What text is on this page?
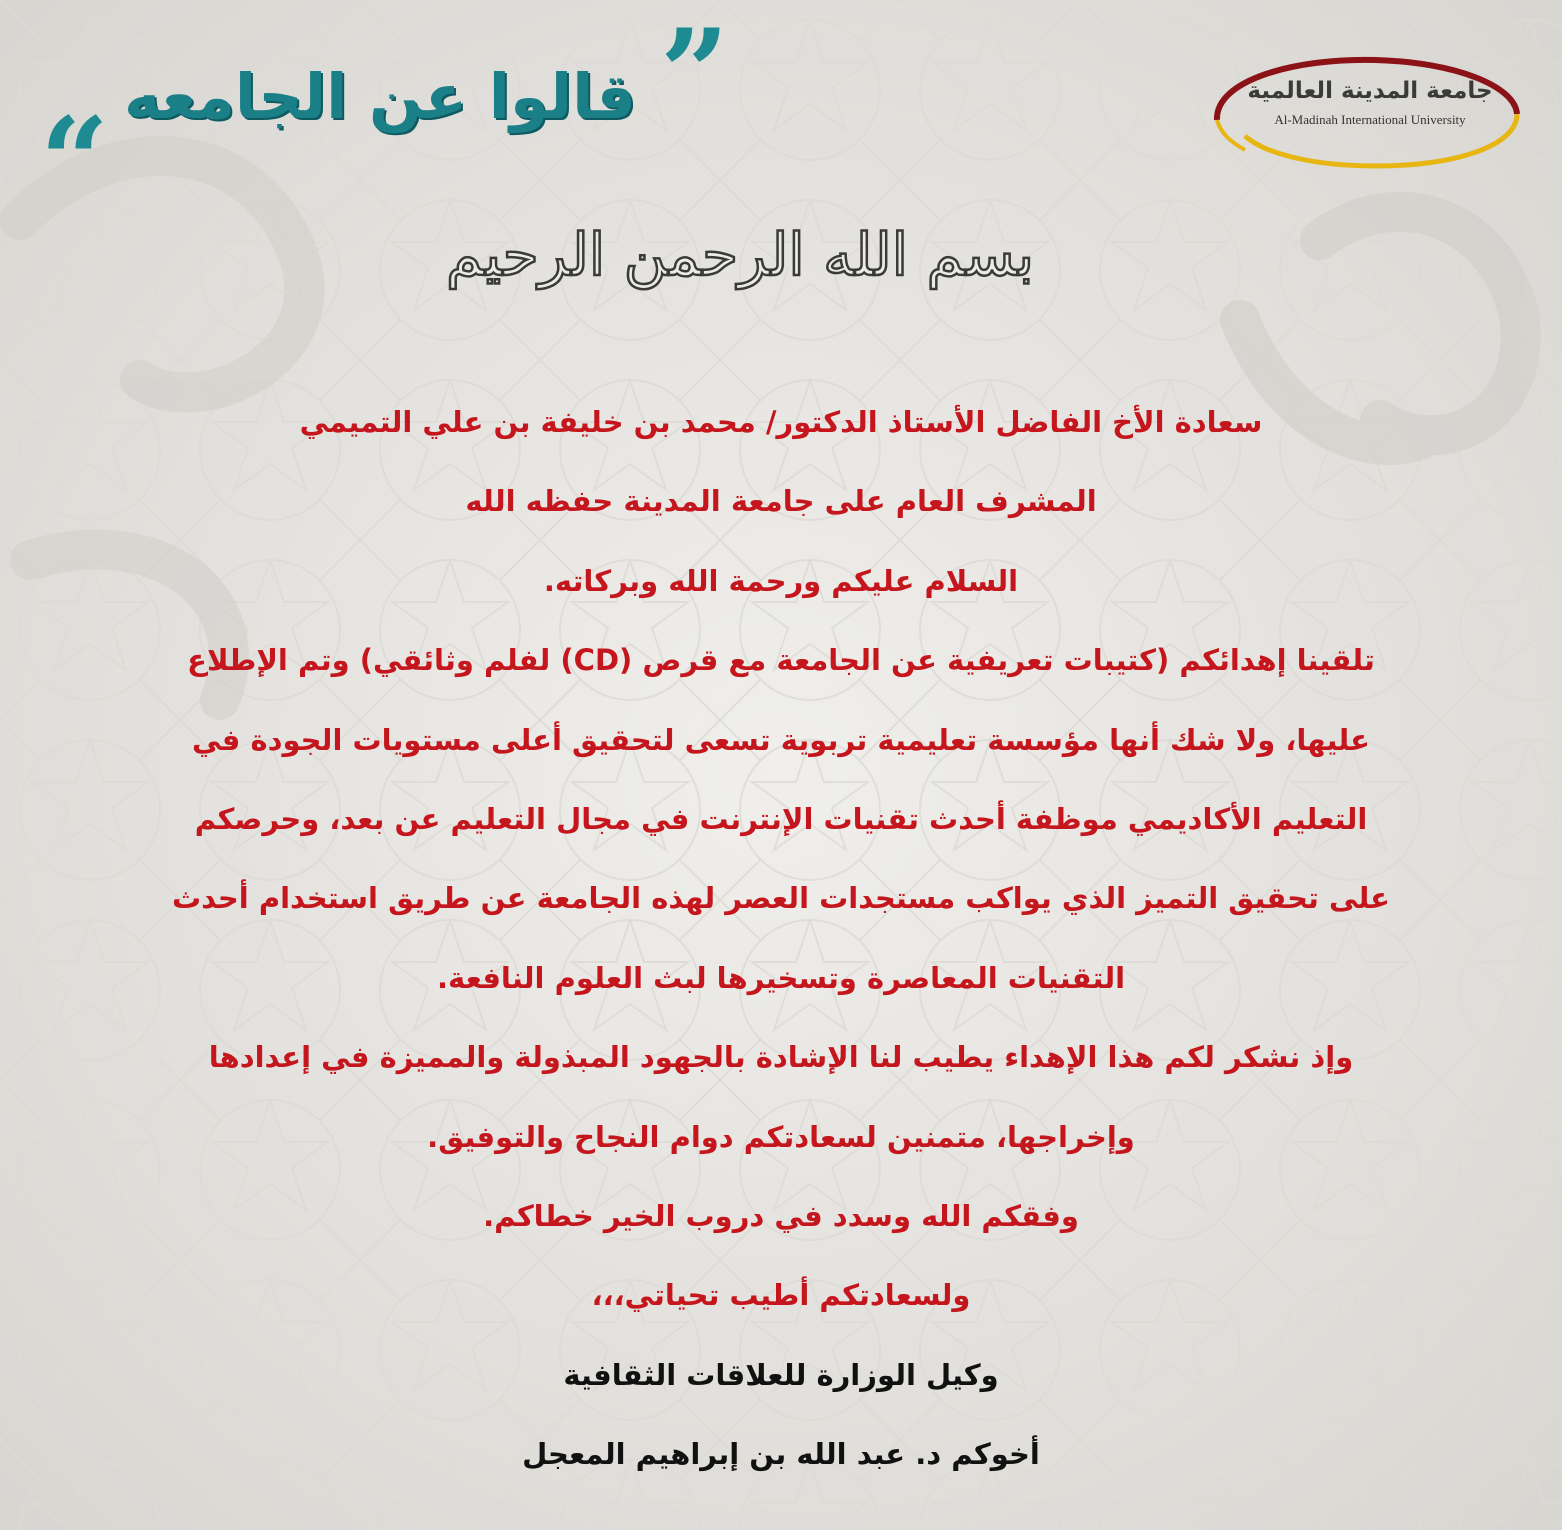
”
قالوا عن الجامعه
“	جامعة المدينة العالمية
Al-Madinah International University
بسم الله الرحمن الرحيم
سعادة الأخ الفاضل الأستاذ الدكتور/ محمد بن خليفة بن علي التميمي
المشرف العام على جامعة المدينة حفظه الله
السلام عليكم ورحمة الله وبركاته.
تلقينا إهدائكم (كتيبات تعريفية عن الجامعة مع قرص (CD) لفلم وثائقي) وتم الإطلاع
عليها، ولا شك أنها مؤسسة تعليمية تربوية تسعى لتحقيق أعلى مستويات الجودة في
التعليم الأكاديمي موظفة أحدث تقنيات الإنترنت في مجال التعليم عن بعد، وحرصكم
على تحقيق التميز الذي يواكب مستجدات العصر لهذه الجامعة عن طريق استخدام أحدث
التقنيات المعاصرة وتسخيرها لبث العلوم النافعة.
وإذ نشكر لكم هذا الإهداء يطيب لنا الإشادة بالجهود المبذولة والمميزة في إعدادها
وإخراجها، متمنين لسعادتكم دوام النجاح والتوفيق.
وفقكم الله وسدد في دروب الخير خطاكم.
ولسعادتكم أطيب تحياتي،،،
وكيل الوزارة للعلاقات الثقافية
أخوكم د. عبد الله بن إبراهيم المعجل
